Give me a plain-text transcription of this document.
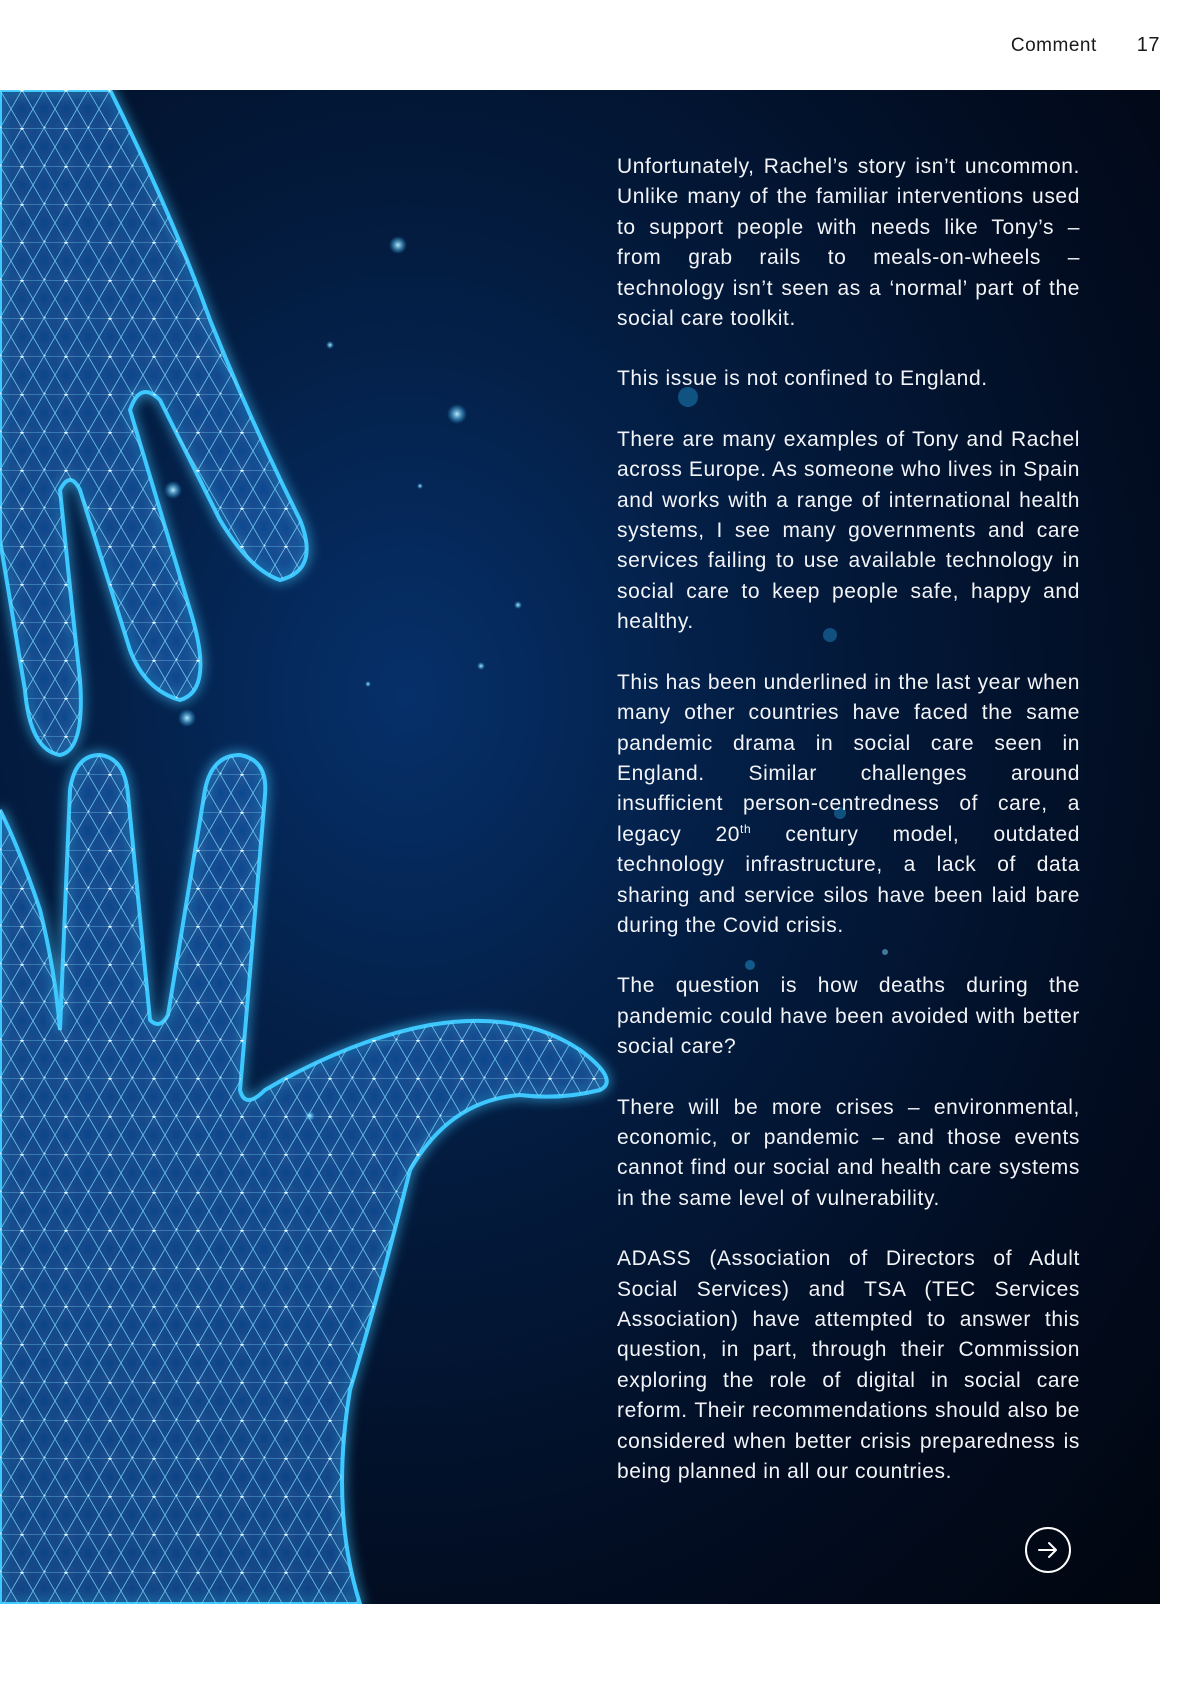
Comment 17

Unfortunately, Rachel’s story isn’t uncommon. Unlike many of the familiar interventions used to support people with needs like Tony’s – from grab rails to meals-on-wheels – technology isn’t seen as a ‘normal’ part of the social care toolkit.

This issue is not confined to England.

There are many examples of Tony and Rachel across Europe. As someone who lives in Spain and works with a range of international health systems, I see many governments and care services failing to use available technology in social care to keep people safe, happy and healthy.

This has been underlined in the last year when many other countries have faced the same pandemic drama in social care seen in England. Similar challenges around insufficient person-centredness of care, a legacy 20th century model, outdated technology infrastructure, a lack of data sharing and service silos have been laid bare during the Covid crisis.

The question is how deaths during the pandemic could have been avoided with better social care?

There will be more crises – environmental, economic, or pandemic – and those events cannot find our social and health care systems in the same level of vulnerability.

ADASS (Association of Directors of Adult Social Services) and TSA (TEC Services Association) have attempted to answer this question, in part, through their Commission exploring the role of digital in social care reform. Their recommendations should also be considered when better crisis preparedness is being planned in all our countries.
